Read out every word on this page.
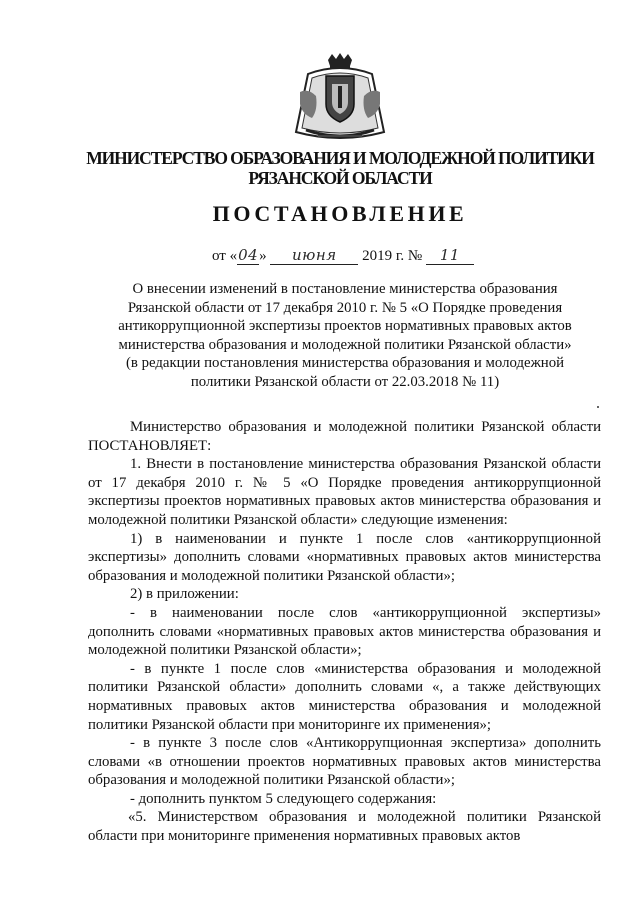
МИНИСТЕРСТВО ОБРАЗОВАНИЯ И МОЛОДЕЖНОЙ ПОЛИТИКИ
РЯЗАНСКОЙ ОБЛАСТИ
ПОСТАНОВЛЕНИЕ
от «04» июня 2019 г. № 11
О внесении изменений в постановление министерства образования
Рязанской области от 17 декабря 2010 г. № 5 «О Порядке проведения
антикоррупционной экспертизы проектов нормативных правовых актов
министерства образования и молодежной политики Рязанской области»
(в редакции постановления министерства образования и молодежной
политики Рязанской области от 22.03.2018 № 11)

Министерство образования и молодежной политики Рязанской области ПОСТАНОВЛЯЕТ:

1. Внести в постановление министерства образования Рязанской области от 17 декабря 2010 г. № 5 «О Порядке проведения антикоррупционной экспертизы проектов нормативных правовых актов министерства образования и молодежной политики Рязанской области» следующие изменения:

1) в наименовании и пункте 1 после слов «антикоррупционной экспертизы» дополнить словами «нормативных правовых актов министерства образования и молодежной политики Рязанской области»;

2) в приложении:

- в наименовании после слов «антикоррупционной экспертизы» дополнить словами «нормативных правовых актов министерства образования и молодежной политики Рязанской области»;

- в пункте 1 после слов «министерства образования и молодежной политики Рязанской области» дополнить словами «, а также действующих нормативных правовых актов министерства образования и молодежной политики Рязанской области при мониторинге их применения»;

- в пункте 3 после слов «Антикоррупционная экспертиза» дополнить словами «в отношении проектов нормативных правовых актов министерства образования и молодежной политики Рязанской области»;

- дополнить пунктом 5 следующего содержания:

«5. Министерством образования и молодежной политики Рязанской области при мониторинге применения нормативных правовых актов
